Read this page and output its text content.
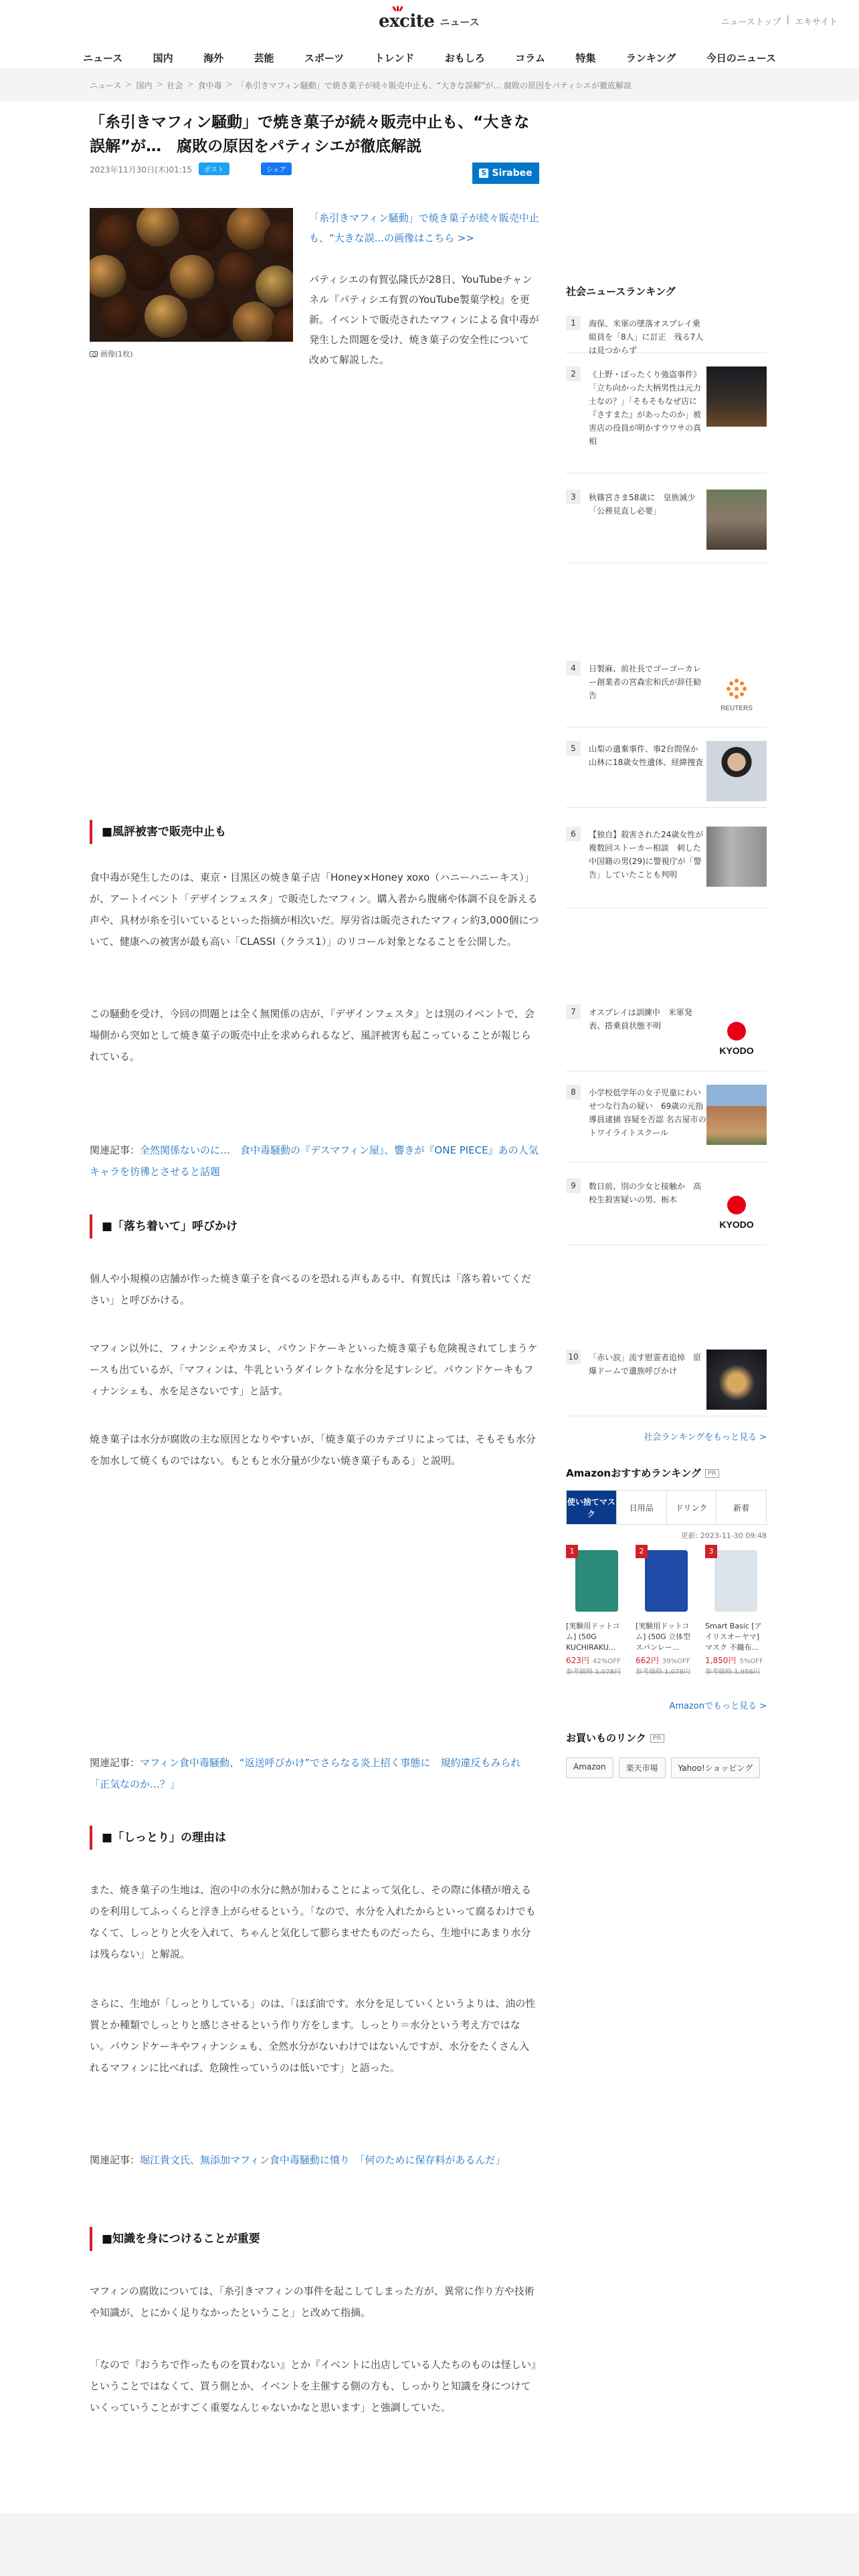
excite ニュース	ニューストップ | エキサイト
ニュース	国内	海外	芸能	スポーツ	トレンド	おもしろ	コラム	特集	ランキング	今日のニュース
ニュース > 国内 > 社会 > 食中毒 > 「糸引きマフィン騒動」で焼き菓子が続々販売中止も、“大きな誤解”が… 腐敗の原因をパティシエが徹底解説
「糸引きマフィン騒動」で焼き菓子が続々販売中止も、“大きな誤解”が…　腐敗の原因をパティシエが徹底解説
2023年11月30日(木)01:15	ポスト	シェア	S Sirabee
画像(1枚)
「糸引きマフィン騒動」で焼き菓子が続々販売中止も、“大きな誤...の画像はこちら >>
パティシエの有賀弘隆氏が28日、YouTubeチャンネル『パティシエ有賀のYouTube製菓学校』を更新。イベントで販売されたマフィンによる食中毒が発生した問題を受け、焼き菓子の安全性について改めて解説した。
■風評被害で販売中止も
食中毒が発生したのは、東京・目黒区の焼き菓子店「Honey×Honey xoxo（ハニーハニーキス）」が、アートイベント「デザインフェスタ」で販売したマフィン。購入者から腹痛や体調不良を訴える声や、具材が糸を引いているといった指摘が相次いだ。厚労省は販売されたマフィン約3,000個について、健康への被害が最も高い「CLASSⅠ（クラス1）」のリコール対象となることを公開した。
この騒動を受け、今回の問題とは全く無関係の店が、『デザインフェスタ』とは別のイベントで、会場側から突如として焼き菓子の販売中止を求められるなど、風評被害も起こっていることが報じられている。
関連記事：全然関係ないのに…　食中毒騒動の『デスマフィン屋』、響きが『ONE PIECE』あの人気キャラを彷彿とさせると話題
■「落ち着いて」呼びかけ
個人や小規模の店舗が作った焼き菓子を食べるのを恐れる声もある中、有賀氏は「落ち着いてください」と呼びかける。
マフィン以外に、フィナンシェやカヌレ、パウンドケーキといった焼き菓子も危険視されてしまうケースも出ているが、「マフィンは、牛乳というダイレクトな水分を足すレシピ。パウンドケーキもフィナンシェも、水を足さないです」と話す。
焼き菓子は水分が腐敗の主な原因となりやすいが、「焼き菓子のカテゴリによっては、そもそも水分を加水して焼くものではない。もともと水分量が少ない焼き菓子もある」と説明。
関連記事：マフィン食中毒騒動、“返送呼びかけ”でさらなる炎上招く事態に　規約違反もみられ「正気なのか…？」
■「しっとり」の理由は
また、焼き菓子の生地は、泡の中の水分に熱が加わることによって気化し、その際に体積が増えるのを利用してふっくらと浮き上がらせるという。「なので、水分を入れたからといって腐るわけでもなくて、しっとりと火を入れて、ちゃんと気化して膨らませたものだったら、生地中にあまり水分は残らない」と解説。
さらに、生地が「しっとりしている」のは、「ほぼ油です。水分を足していくというよりは、油の性質とか種類でしっとりと感じさせるという作り方をします。しっとり＝水分という考え方ではない。パウンドケーキやフィナンシェも、全然水分がないわけではないんですが、水分をたくさん入れるマフィンに比べれば、危険性っていうのは低いです」と語った。
関連記事：堀江貴文氏、無添加マフィン食中毒騒動に憤り　「何のために保存料があるんだ」
■知識を身につけることが重要
マフィンの腐敗については、「糸引きマフィンの事件を起こしてしまった方が、異常に作り方や技術や知識が、とにかく足りなかったということ」と改めて指摘。
「なので『おうちで作ったものを買わない』とか『イベントに出店している人たちのものは怪しい』ということではなくて、買う側とか、イベントを主催する側の方も、しっかりと知識を身につけていくっていうことがすごく重要なんじゃないかなと思います」と強調していた。
社会ニュースランキング
1	海保、米軍の墜落オスプレイ乗組員を「8人」に訂正　残る7人は見つからず
2	《上野・ぼったくり強盗事件》「立ち向かった大柄男性は元力士なの？」「そもそもなぜ店に『さすまた』があったのか」被害店の役員が明かすウワサの真相
3	秋篠宮さま58歳に　皇族減少「公務見直し必要」
4	日製麻、前社長でゴーゴーカレー創業者の宮森宏和氏が辞任勧告
REUTERS
5	山梨の遺棄事件、事2台間保か　山林に18歳女性遺体、経緯捜査
6	【独自】殺害された24歳女性が複数回ストーカー相談　刺した中国籍の男(29)に警視庁が「警告」していたことも判明
7	オスプレイは訓練中　米軍発表、搭乗員状態不明
KYODO
8	小学校低学年の女子児童にわいせつな行為の疑い　69歳の元指導員逮捕 容疑を否認 名古屋市のトワイライトスクール
9	数日前、別の少女と接触か　高校生殺害疑いの男、栃木
KYODO
10 「赤い涙」流す慰霊者追悼　原爆ドームで遺族呼びかけ
社会ランキングをもっと見る >
Amazonおすすめランキング PR
使い捨てマスク
日用品	ドリンク	新着
更新: 2023-11-30 09:48
1
[実験用ドットコム] (50G KUCHIRAKU...
623円 42%OFF
参考価格 1,078円
2
[実験用ドットコム] (50G 立体型スパンレー...
662円 39%OFF
参考価格 1,078円
3
Smart Basic [アイリスオーヤマ] マスク 不織布...
1,850円 5%OFF
参考価格 1,956円
Amazonでもっと見る >
お買いものリンク PR
Amazon	楽天市場	Yahoo!ショッピング
